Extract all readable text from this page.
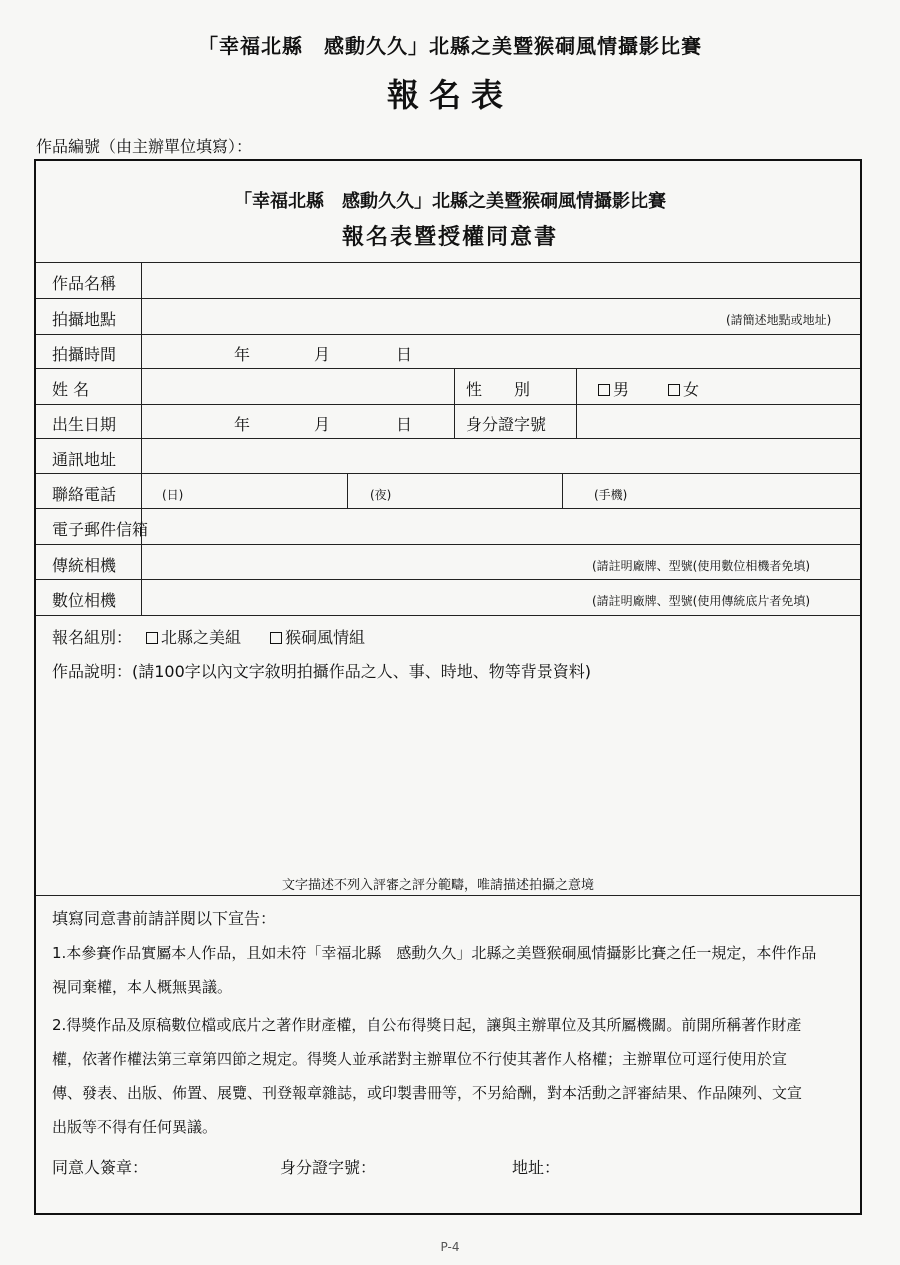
「幸福北縣　感動久久」北縣之美暨猴硐風情攝影比賽
報名表
作品編號（由主辦單位填寫）：
「幸福北縣　感動久久」北縣之美暨猴硐風情攝影比賽
報名表暨授權同意書
作品名稱
拍攝地點	(請簡述地點或地址)
拍攝時間	年	月	日
姓 名	性　　別	男	女
出生日期	年	月	日	身分證字號
通訊地址
聯絡電話	(日)	(夜)	(手機)
電子郵件信箱
傳統相機	(請註明廠牌、型號(使用數位相機者免填)
數位相機	(請註明廠牌、型號(使用傳統底片者免填)
報名組別：	北縣之美組	猴硐風情組
作品說明：(請100字以內文字敘明拍攝作品之人、事、時地、物等背景資料)
文字描述不列入評審之評分範疇，唯請描述拍攝之意境
填寫同意書前請詳閱以下宣告：
1.本參賽作品實屬本人作品，且如未符「幸福北縣　感動久久」北縣之美暨猴硐風情攝影比賽之任一規定，本件作品
視同棄權，本人概無異議。
2.得獎作品及原稿數位檔或底片之著作財產權，自公布得獎日起，讓與主辦單位及其所屬機關。前開所稱著作財產
權，依著作權法第三章第四節之規定。得獎人並承諾對主辦單位不行使其著作人格權；主辦單位可逕行使用於宣
傳、發表、出版、佈置、展覽、刊登報章雜誌，或印製書冊等，不另給酬，對本活動之評審結果、作品陳列、文宣
出版等不得有任何異議。
同意人簽章：	身分證字號：	地址：
P-4
